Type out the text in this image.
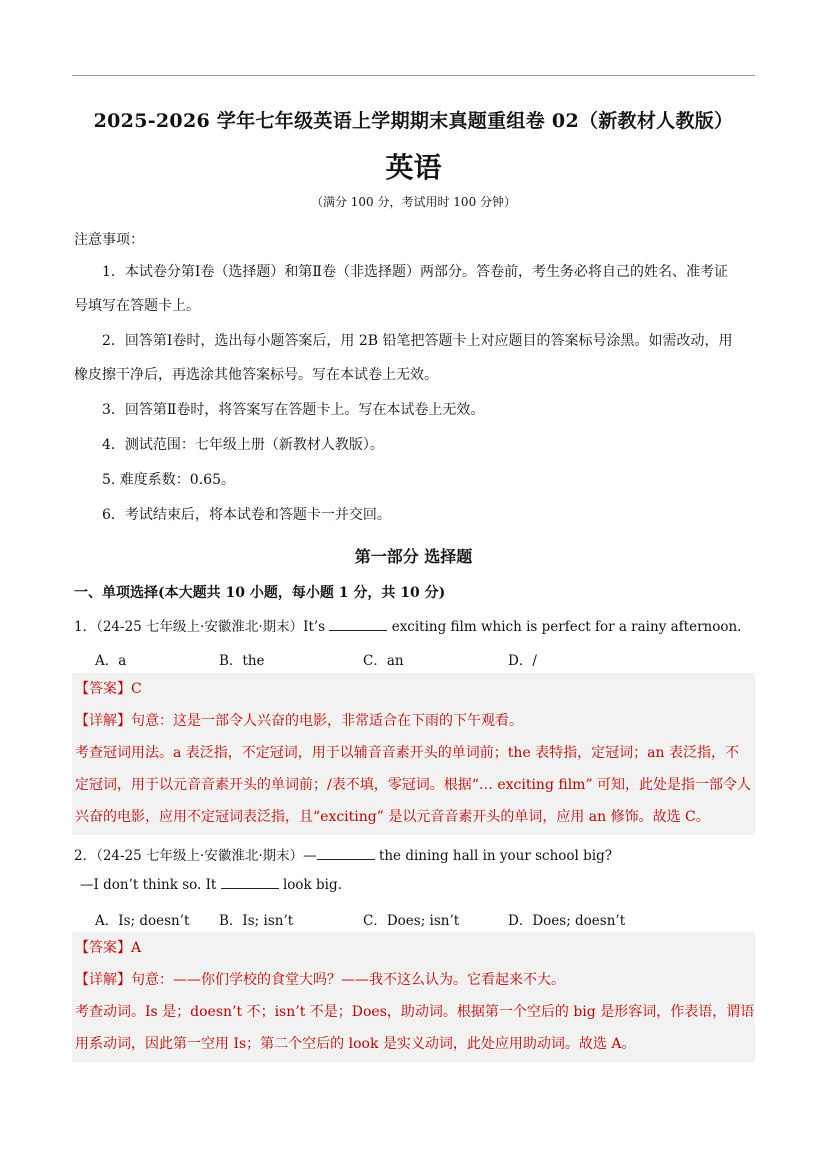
2025-2026 学年七年级英语上学期期末真题重组卷 02（新教材人教版）
英语
（满分 100 分，考试用时 100 分钟）
注意事项：
1．本试卷分第Ⅰ卷（选择题）和第Ⅱ卷（非选择题）两部分。答卷前，考生务必将自己的姓名、准考证
号填写在答题卡上。
2．回答第Ⅰ卷时，选出每小题答案后，用 2B 铅笔把答题卡上对应题目的答案标号涂黑。如需改动，用
橡皮擦干净后，再选涂其他答案标号。写在本试卷上无效。
3．回答第Ⅱ卷时，将答案写在答题卡上。写在本试卷上无效。
4．测试范围：七年级上册（新教材人教版）。
5. 难度系数：0.65。
6．考试结束后，将本试卷和答题卡一并交回。
第一部分 选择题
一、单项选择(本大题共 10 小题，每小题 1 分，共 10 分)
1．（24-25 七年级上·安徽淮北·期末）It’s	exciting film which is perfect for a rainy afternoon.
A．a	B．the	C．an	D．/

【答案】C

【详解】句意：这是一部令人兴奋的电影，非常适合在下雨的下午观看。

考查冠词用法。a 表泛指，不定冠词，用于以辅音音素开头的单词前；the 表特指，定冠词；an 表泛指，不

定冠词，用于以元音音素开头的单词前；/表不填，零冠词。根据“… exciting film” 可知，此处是指一部令人

兴奋的电影，应用不定冠词表泛指，且“exciting” 是以元音音素开头的单词，应用 an 修饰。故选 C。

2．（24-25 七年级上·安徽淮北·期末）—	the dining hall in your school big?
—I don’t think so. It	look big.
A．Is; doesn’t B．Is; isn’t	C．Does; isn’t	D．Does; doesn’t

【答案】A

【详解】句意：——你们学校的食堂大吗？——我不这么认为。它看起来不大。

考查动词。Is 是；doesn’t 不；isn’t 不是；Does，助动词。根据第一个空后的 big 是形容词，作表语，谓语

用系动词，因此第一空用 Is；第二个空后的 look 是实义动词，此处应用助动词。故选 A。
